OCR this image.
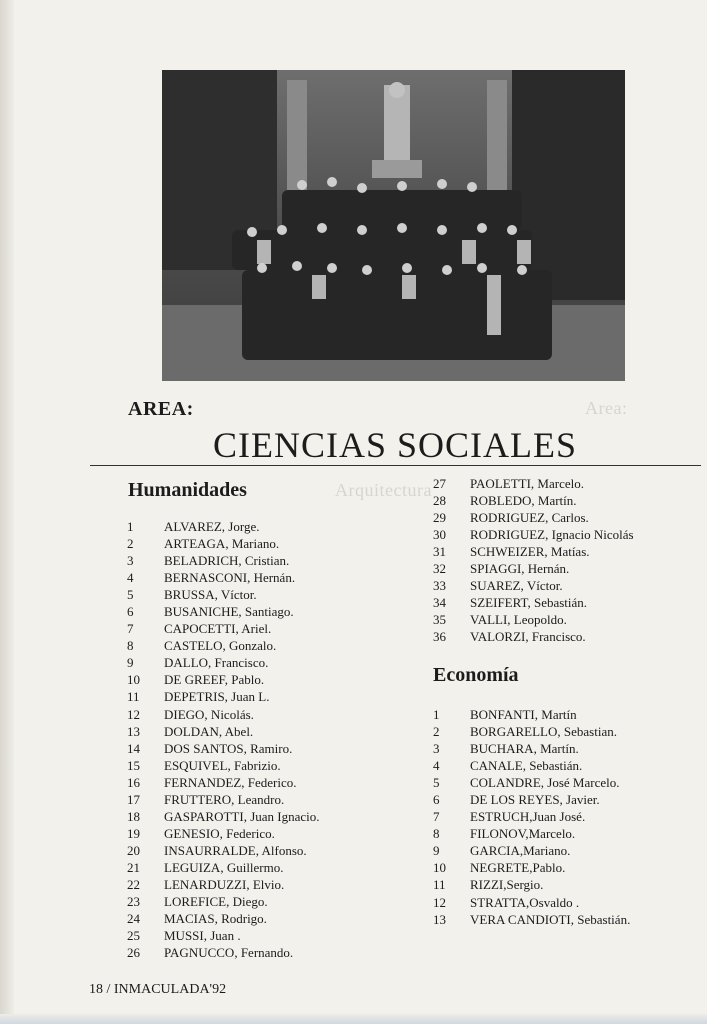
Area:
Arquitectura
AREA:
CIENCIAS SOCIALES
Humanidades
1	ALVAREZ, Jorge.
2	ARTEAGA, Mariano.
3	BELADRICH, Cristian.
4	BERNASCONI, Hernán.
5	BRUSSA, Víctor.
6	BUSANICHE, Santiago.
7	CAPOCETTI, Ariel.
8	CASTELO, Gonzalo.
9	DALLO, Francisco.
10	DE GREEF, Pablo.
11	DEPETRIS, Juan L.
12	DIEGO, Nicolás.
13	DOLDAN, Abel.
14	DOS SANTOS, Ramiro.
15	ESQUIVEL, Fabrizio.
16	FERNANDEZ, Federico.
17	FRUTTERO, Leandro.
18	GASPAROTTI, Juan Ignacio.
19	GENESIO, Federico.
20	INSAURRALDE, Alfonso.
21	LEGUIZA, Guillermo.
22	LENARDUZZI, Elvio.
23	LOREFICE, Diego.
24	MACIAS, Rodrigo.
25	MUSSI, Juan .
26	PAGNUCCO, Fernando.
27	PAOLETTI, Marcelo.
28	ROBLEDO, Martín.
29	RODRIGUEZ, Carlos.
30	RODRIGUEZ, Ignacio Nicolás
31	SCHWEIZER, Matías.
32	SPIAGGI, Hernán.
33	SUAREZ, Víctor.
34	SZEIFERT, Sebastián.
35	VALLI, Leopoldo.
36	VALORZI, Francisco.
Economía
1	BONFANTI, Martín
2	BORGARELLO, Sebastian.
3	BUCHARA, Martín.
4	CANALE, Sebastián.
5	COLANDRE, José Marcelo.
6	DE LOS REYES, Javier.
7	ESTRUCH,Juan José.
8	FILONOV,Marcelo.
9	GARCIA,Mariano.
10	NEGRETE,Pablo.
11	RIZZI,Sergio.
12	STRATTA,Osvaldo .
13	VERA CANDIOTI, Sebastián.
18 / INMACULADA'92
